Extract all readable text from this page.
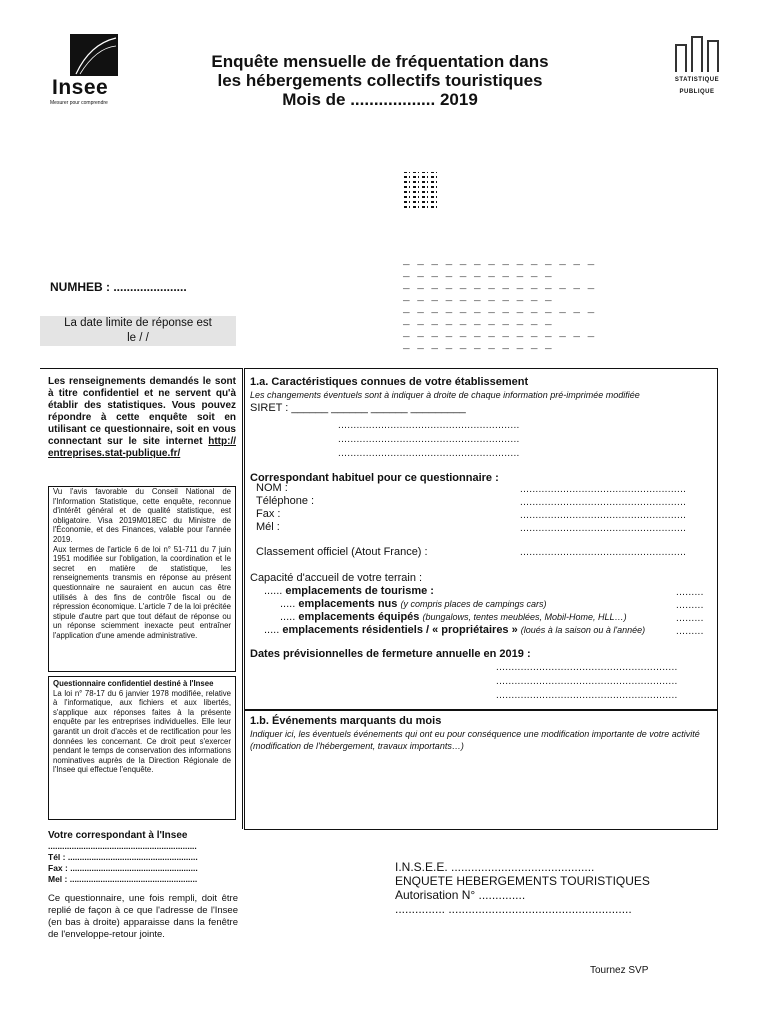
Insee
Mesurer pour comprendre
Enquête mensuelle de fréquentation dans
les hébergements collectifs touristiques
Mois de .................. 2019
STATISTIQUE
PUBLIQUE
_ _ _ _ _ _ _ _ _ _ _ _ _ _ _ _ _ _ _ _ _ _ _ _ _
_ _ _ _ _ _ _ _ _ _ _ _ _ _ _ _ _ _ _ _ _ _ _ _ _
_ _ _ _ _ _ _ _ _ _ _ _ _ _ _ _ _ _ _ _ _ _ _ _ _
_ _ _ _ _ _ _ _ _ _ _ _ _ _ _ _ _ _ _ _ _ _ _ _ _
NUMHEB : ......................
La date limite de réponse est
le / /
Les renseignements demandés le sont à titre confidentiel et ne servent qu'à établir des statistiques. Vous pouvez répondre à cette enquête soit en utilisant ce questionnaire, soit en vous connectant sur le site internet http:// entreprises.stat-publique.fr/

Vu l'avis favorable du Conseil National de l'Information Statistique, cette enquête, reconnue d'intérêt général et de qualité statistique, est obligatoire. Visa 2019M018EC du Ministre de l'Économie, et des Finances, valable pour l'année 2019.

Aux termes de l'article 6 de loi n° 51-711 du 7 juin 1951 modifiée sur l'obligation, la coordination et le secret en matière de statistique, les renseignements transmis en réponse au présent questionnaire ne sauraient en aucun cas être utilisés à des fins de contrôle fiscal ou de répression économique. L'article 7 de la loi précitée stipule d'autre part que tout défaut de réponse ou un réponse sciemment inexacte peut entraîner l'application d'une amende administrative.

Questionnaire confidentiel destiné à l'Insee

La loi n° 78-17 du 6 janvier 1978 modifiée, relative à l'informatique, aux fichiers et aux libertés, s'applique aux réponses faites à la présente enquête par les entreprises individuelles. Elle leur garantit un droit d'accès et de rectification pour les données les concernant. Ce droit peut s'exercer pendant le temps de conservation des informations nominatives auprès de la Direction Régionale de l'Insee qui effectue l'enquête.

1.a. Caractéristiques connues de votre établissement
Les changements éventuels sont à indiquer à droite de chaque information pré-imprimée modifiée
SIRET : ______ ______ ______ _________
...........................................................
...........................................................
...........................................................
Correspondant habituel pour ce questionnaire :
NOM :
Téléphone :
Fax :
Mél :
......................................................
......................................................
......................................................
......................................................
Classement officiel (Atout France) :	......................................................
Capacité d'accueil de votre terrain :
...... emplacements de tourisme :
..... emplacements nus (y compris places de campings cars)
..... emplacements équipés (bungalows, tentes meublées, Mobil-Home, HLL…)
..... emplacements résidentiels / « propriétaires » (loués à la saison ou à l'année)
.........
.........
.........
.........
Dates prévisionnelles de fermeture annuelle en 2019 :
...........................................................
...........................................................
...........................................................
1.b. Événements marquants du mois
Indiquer ici, les éventuels événements qui ont eu pour conséquence une modification importante de votre activité (modification de l'hébergement, travaux importants…)
Votre correspondant à l'Insee
...............................................................
Tél : .......................................................
Fax : ......................................................
Mel : ......................................................
Ce questionnaire, une fois rempli, doit être replié de façon à ce que l'adresse de l'Insee (en bas à droite) apparaisse dans la fenêtre de l'enveloppe-retour jointe.
I.N.S.E.E. ...........................................
ENQUETE HEBERGEMENTS TOURISTIQUES
Autorisation N° ..............
............... .......................................................
Tournez SVP
